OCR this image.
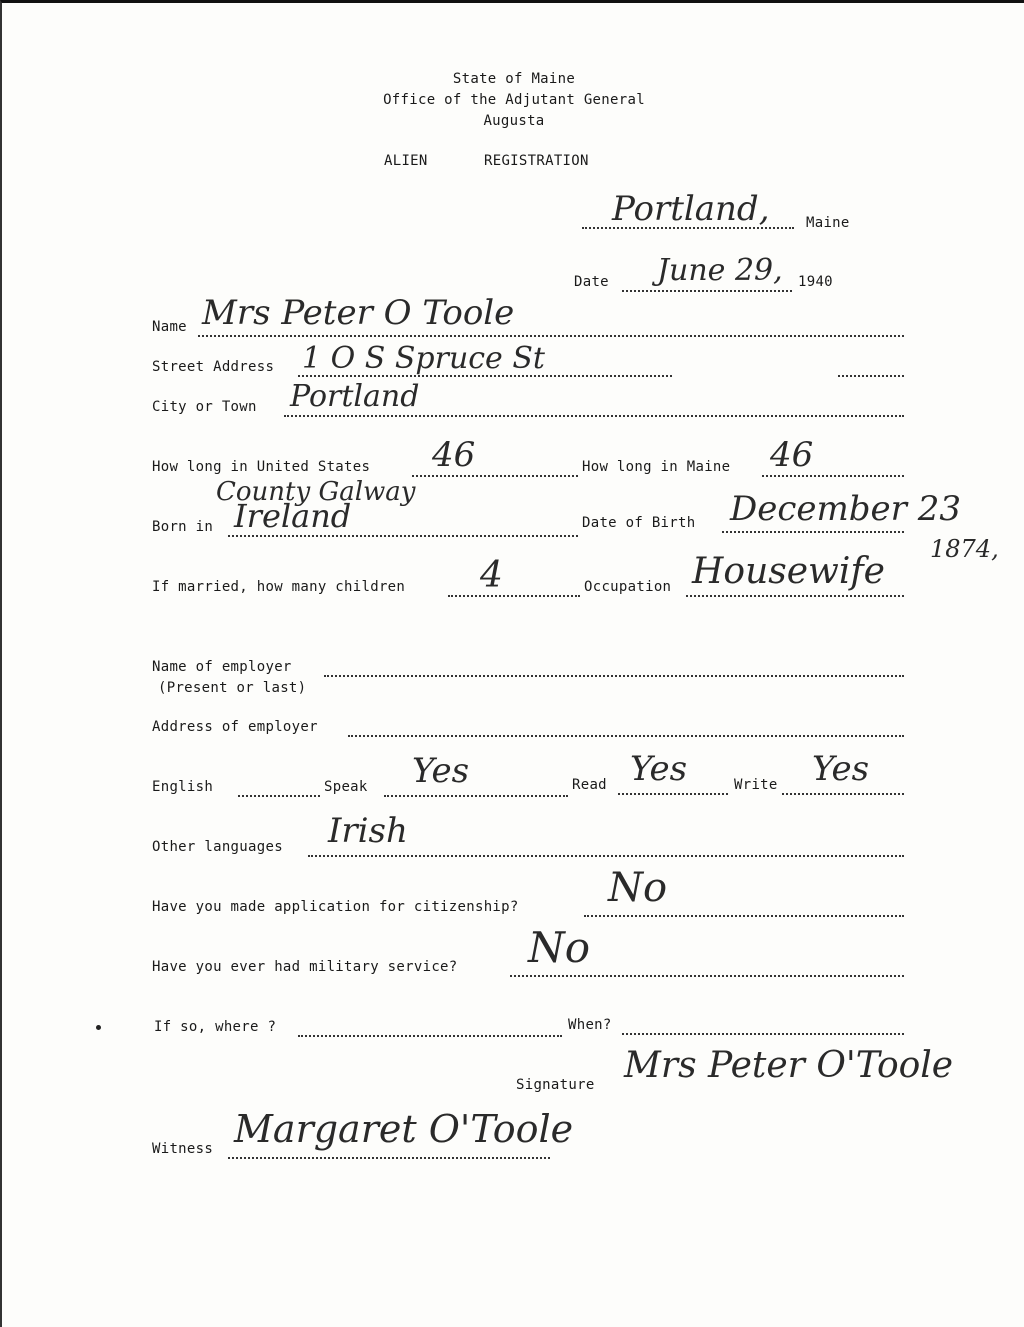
State of Maine
Office of the Adjutant General
Augusta
ALIEN	REGISTRATION
Portland,	Maine
Date June 29, 1940
Name Mrs Peter O Toole
Street Address 1 O S Spruce St
City or Town Portland
How long in United States 46	How long in Maine 46
County Galway
Born in Ireland	Date of Birth December 23
1874,
If married, how many children 4	Occupation Housewife
Name of employer
(Present or last)
Address of employer
English	Speak Yes	Read Yes	Write Yes
Other languages Irish
Have you made application for citizenship? No
Have you ever had military service? No
If so, where ?	When?
Signature Mrs Peter O'Toole
Witness Margaret O'Toole
